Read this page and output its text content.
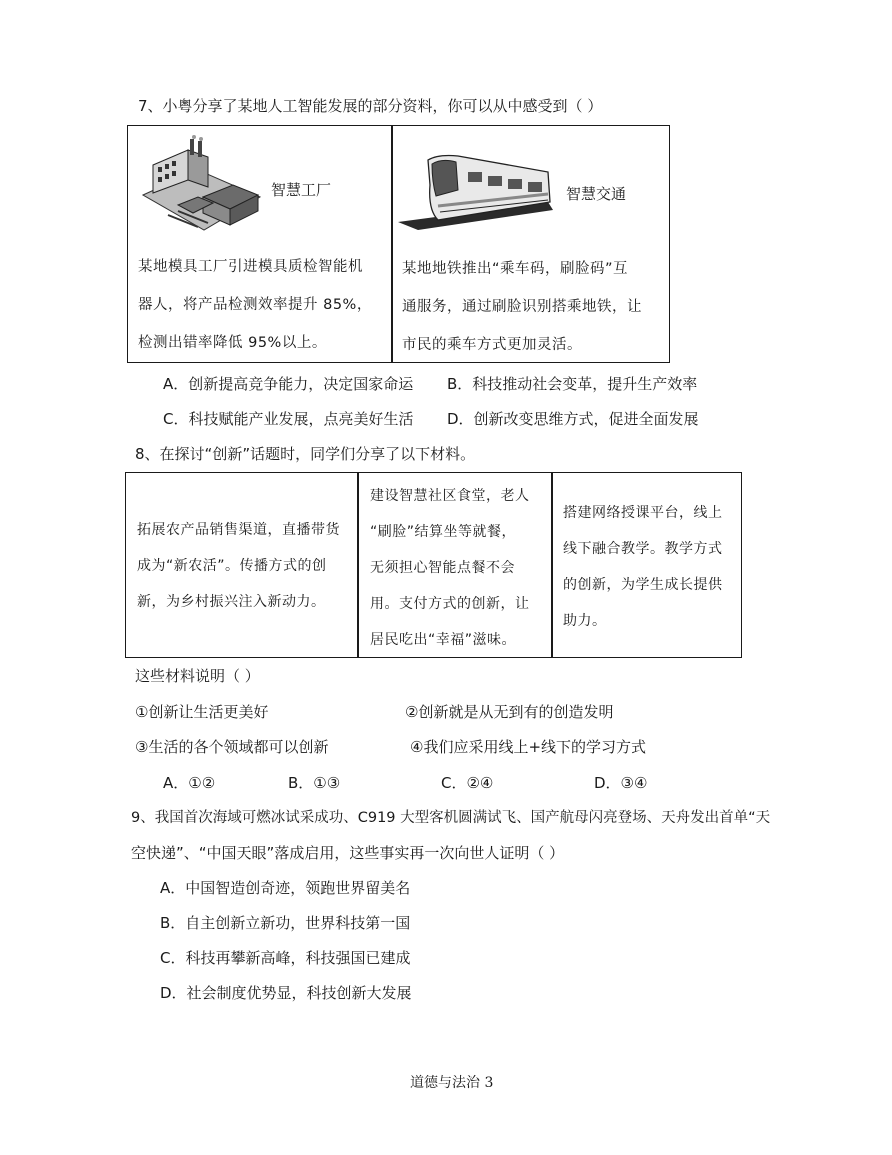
7、小粤分享了某地人工智能发展的部分资料，你可以从中感受到（ ）
智慧工厂
某地模具工厂引进模具质检智能机
器人，将产品检测效率提升 85%，
检测出错率降低 95%以上。
智慧交通
某地地铁推出“乘车码，刷脸码”互
通服务，通过刷脸识别搭乘地铁，让
市民的乘车方式更加灵活。
A．创新提高竞争能力，决定国家命运 B．科技推动社会变革，提升生产效率
C．科技赋能产业发展，点亮美好生活 D．创新改变思维方式，促进全面发展
8、在探讨“创新”话题时，同学们分享了以下材料。
拓展农产品销售渠道，直播带货
成为“新农活”。传播方式的创
新，为乡村振兴注入新动力。
建设智慧社区食堂，老人
“刷脸”结算坐等就餐，
无须担心智能点餐不会
用。支付方式的创新，让
居民吃出“幸福”滋味。
搭建网络授课平台，线上
线下融合教学。教学方式
的创新，为学生成长提供
助力。
这些材料说明（ ）
①创新让生活更美好	②创新就是从无到有的创造发明
③生活的各个领域都可以创新	④我们应采用线上+线下的学习方式
A．①②	B．①③	C．②④	D．③④
9、我国首次海域可燃冰试采成功、C919 大型客机圆满试飞、国产航母闪亮登场、天舟发出首单“天
空快递”、“中国天眼”落成启用，这些事实再一次向世人证明（ ）
A．中国智造创奇迹，领跑世界留美名
B．自主创新立新功，世界科技第一国
C．科技再攀新高峰，科技强国已建成
D．社会制度优势显，科技创新大发展
道德与法治 3
